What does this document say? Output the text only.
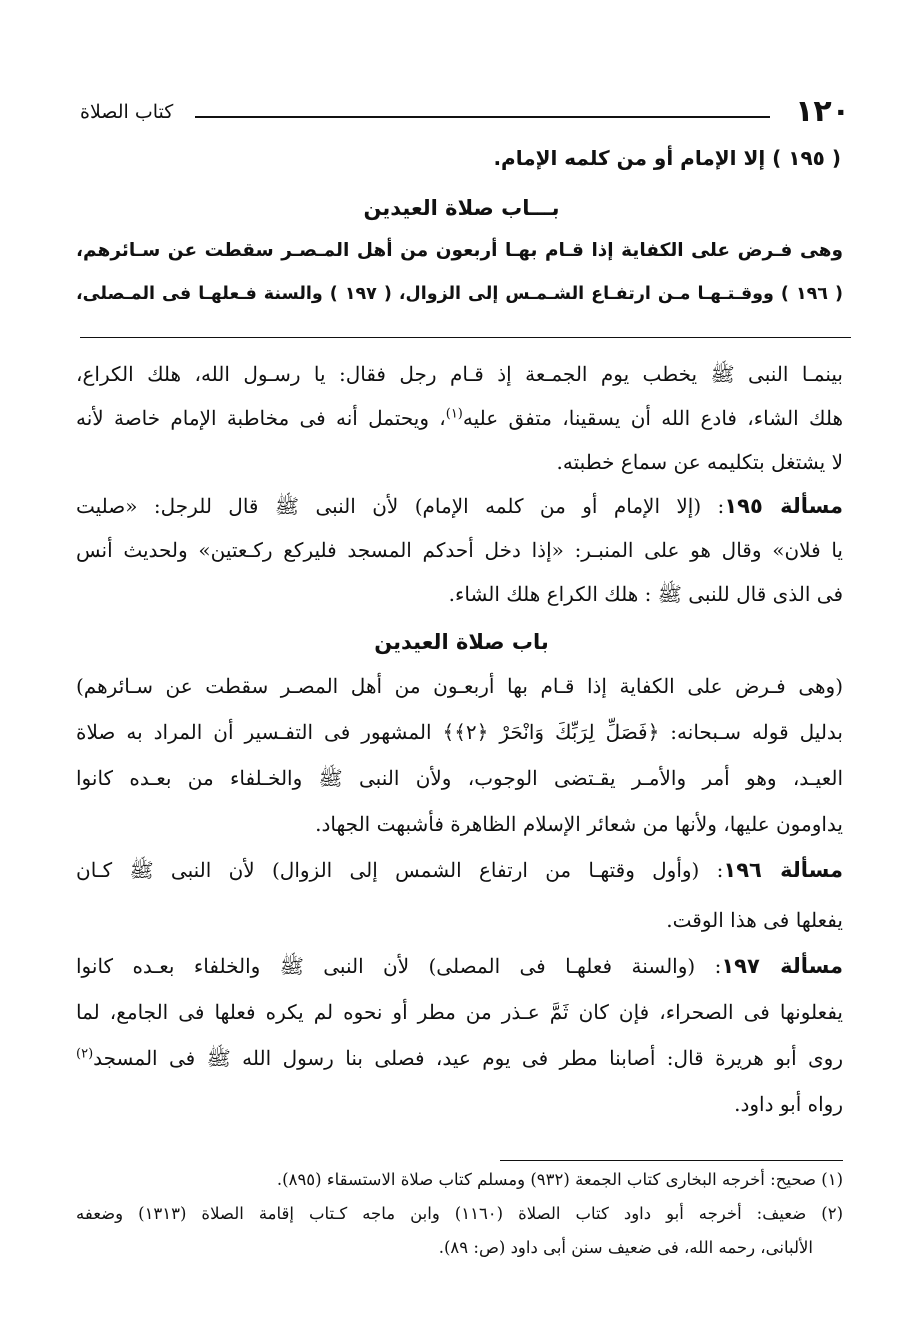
١٢٠
كتاب الصلاة
( ١٩٥ ) إلا الإمام أو من كلمه الإمام.
بـــاب صلاة العيدين
وهى فـرض على الكفاية إذا قـام بهـا أربعون من أهل المـصـر سقطت عن سـائرهم،
( ١٩٦ ) ووقـتـهـا مـن ارتفـاع الشـمـس إلى الزوال، ( ١٩٧ ) والسنة فـعلهـا فى المـصلى،
بينمـا النبى ﷺ يخطب يوم الجمـعة إذ قـام رجل فقال: يا رسـول الله، هلك الكراع،
هلك الشاء، فادع الله أن يسقينا، متفق عليه$^{(١)}$، ويحتمل أنه فى مخاطبة الإمام خاصة لأنه
لا يشتغل بتكليمه عن سماع خطبته.
مسألة ١٩٥: (إلا الإمام أو من كلمه الإمام) لأن النبى ﷺ قال للرجل: «صليت
يا فلان» وقال هو على المنبـر: «إذا دخل أحدكم المسجد فليركع ركـعتين» ولحديث أنس
فى الذى قال للنبى ﷺ : هلك الكراع هلك الشاء.
باب صلاة العيدين
(وهى فـرض على الكفاية إذا قـام بها أربعـون من أهل المصـر سقطت عن سـائرهم)
بدليل قوله سـبحانه: ﴿فَصَلِّ لِرَبِّكَ وَانْحَرْ ﴿٢﴾﴾ المشهور فى التفـسير أن المراد به صلاة
العيـد، وهو أمر والأمـر يقـتضى الوجوب، ولأن النبى ﷺ والخـلفاء من بعـده كانوا
يداومون عليها، ولأنها من شعائر الإسلام الظاهرة فأشبهت الجهاد.
مسألة ١٩٦: (وأول وقتهـا من ارتفاع الشمس إلى الزوال) لأن النبى ﷺ كـان
يفعلها فى هذا الوقت.
مسألة ١٩٧: (والسنة فعلهـا فى المصلى) لأن النبى ﷺ والخلفاء بعـده كانوا
يفعلونها فى الصحراء، فإن كان ثَمَّ عـذر من مطر أو نحوه لم يكره فعلها فى الجامع، لما
روى أبو هريرة قال: أصابنا مطر فى يوم عيد، فصلى بنا رسول الله ﷺ فى المسجد$^{(٢)}$
رواه أبو داود.
(١) صحيح: أخرجه البخارى كتاب الجمعة (٩٣٢) ومسلم كتاب صلاة الاستسقاء (٨٩٥).
(٢) ضعيف: أخرجه أبو داود كتاب الصلاة (١١٦٠) وابن ماجه كـتاب إقامة الصلاة (١٣١٣) وضعفه
الألبانى، رحمه الله، فى ضعيف سنن أبى داود (ص: ٨٩).
